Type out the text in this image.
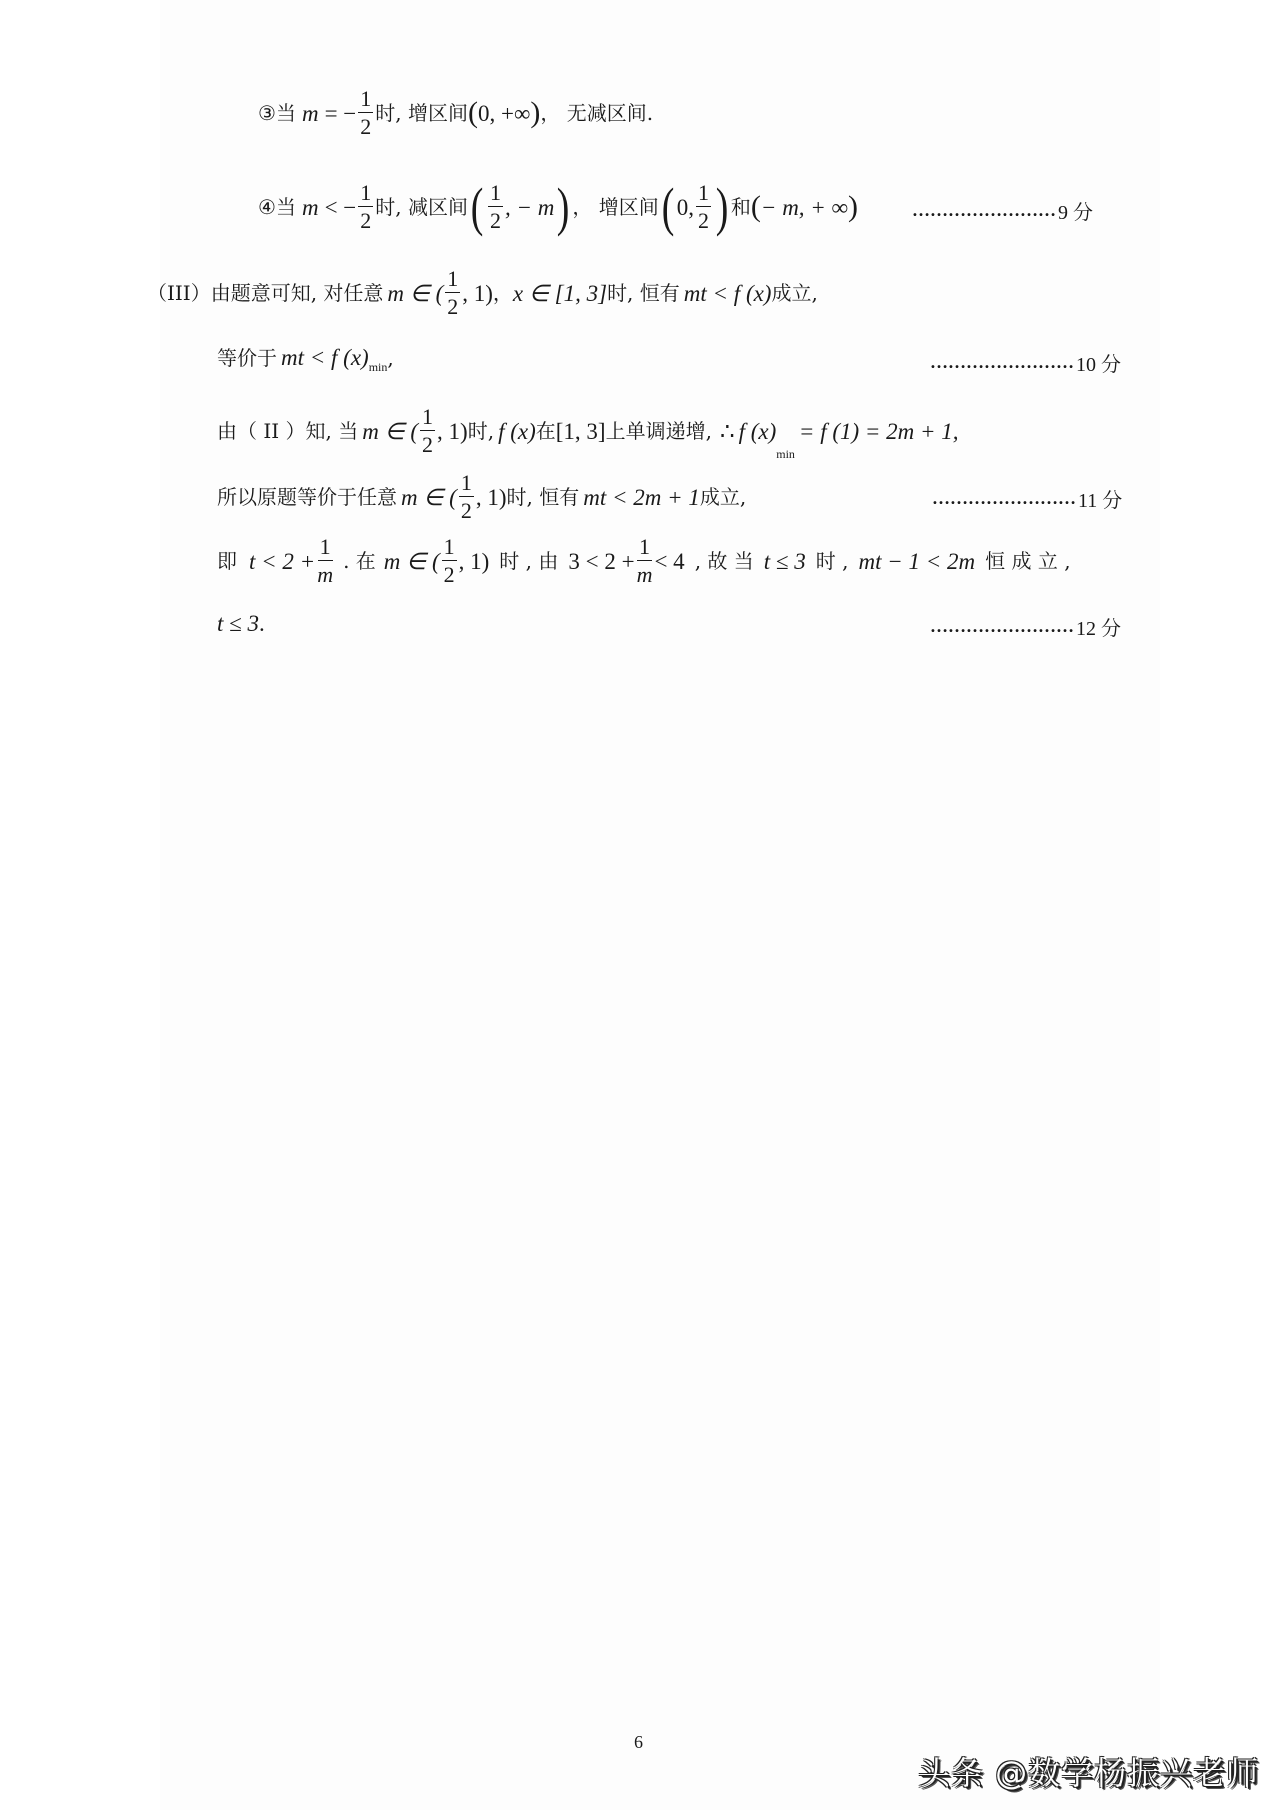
③ 当 m = − $\frac{1}{2}$ 时, 增区间 ( 0, +∞ ) ， 无减区间.
④ 当 m < − $\frac{1}{2}$ 时, 减区间 ( $\frac{1}{2}$ , − m ) ， 增区间 ( 0, $\frac{1}{2}$ ) 和 ( − m, + ∞ )	…………………… 9 分
（III） 由题意可知, 对任意 m ∈ ( $\frac{1}{2}$ , 1) ， x ∈ [1, 3] 时, 恒有 mt < f (x) 成立,
等价于 mt < f (x) min ,	…………………… 10 分
由（ II ）知, 当 m ∈ ( $\frac{1}{2}$ , 1) 时, f (x) 在 [1, 3] 上单调递增, ∴ f (x)
min
= f (1) = 2m + 1,
所以原题等价于任意 m ∈ ( $\frac{1}{2}$ , 1) 时, 恒有 mt < 2m + 1 成立,	…………………… 11 分
即 $t < 2 + \frac{1}{m}$ . 在 m ∈ ( $\frac{1}{2}$ , 1) 时 , 由 $3 < 2 + \frac{1}{m} < 4$ , 故 当 t ≤ 3 时 , mt − 1 < 2m 恒 成 立 ,
t ≤ 3 .	…………………… 12 分
6
头条 @数学杨振兴老师
